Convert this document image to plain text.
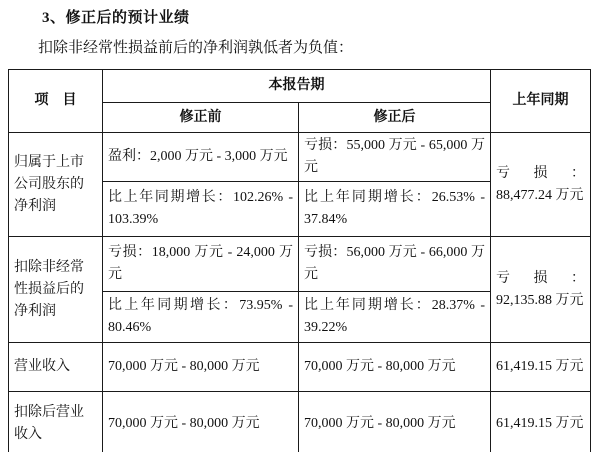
3、修正后的预计业绩
扣除非经常性损益前后的净利润孰低者为负值：
项　目	本报告期		上年同期
	修正前	修正后	
归属于上市公司股东的净利润	盈利：2,000 万元 - 3,000 万元	亏损：55,000 万元 - 65,000 万元	亏损：88,477.24 万元
	比上年同期增长：102.26% - 103.39%	比上年同期增长：26.53% - 37.84%	
扣除非经常性损益后的净利润	亏损：18,000 万元 - 24,000 万元	亏损：56,000 万元 - 66,000 万元	亏损：92,135.88 万元
	比上年同期增长：73.95% - 80.46%	比上年同期增长：28.37% - 39.22%	
营业收入	70,000 万元 - 80,000 万元	70,000 万元 - 80,000 万元	61,419.15 万元
扣除后营业收入	70,000 万元 - 80,000 万元	70,000 万元 - 80,000 万元	61,419.15 万元
